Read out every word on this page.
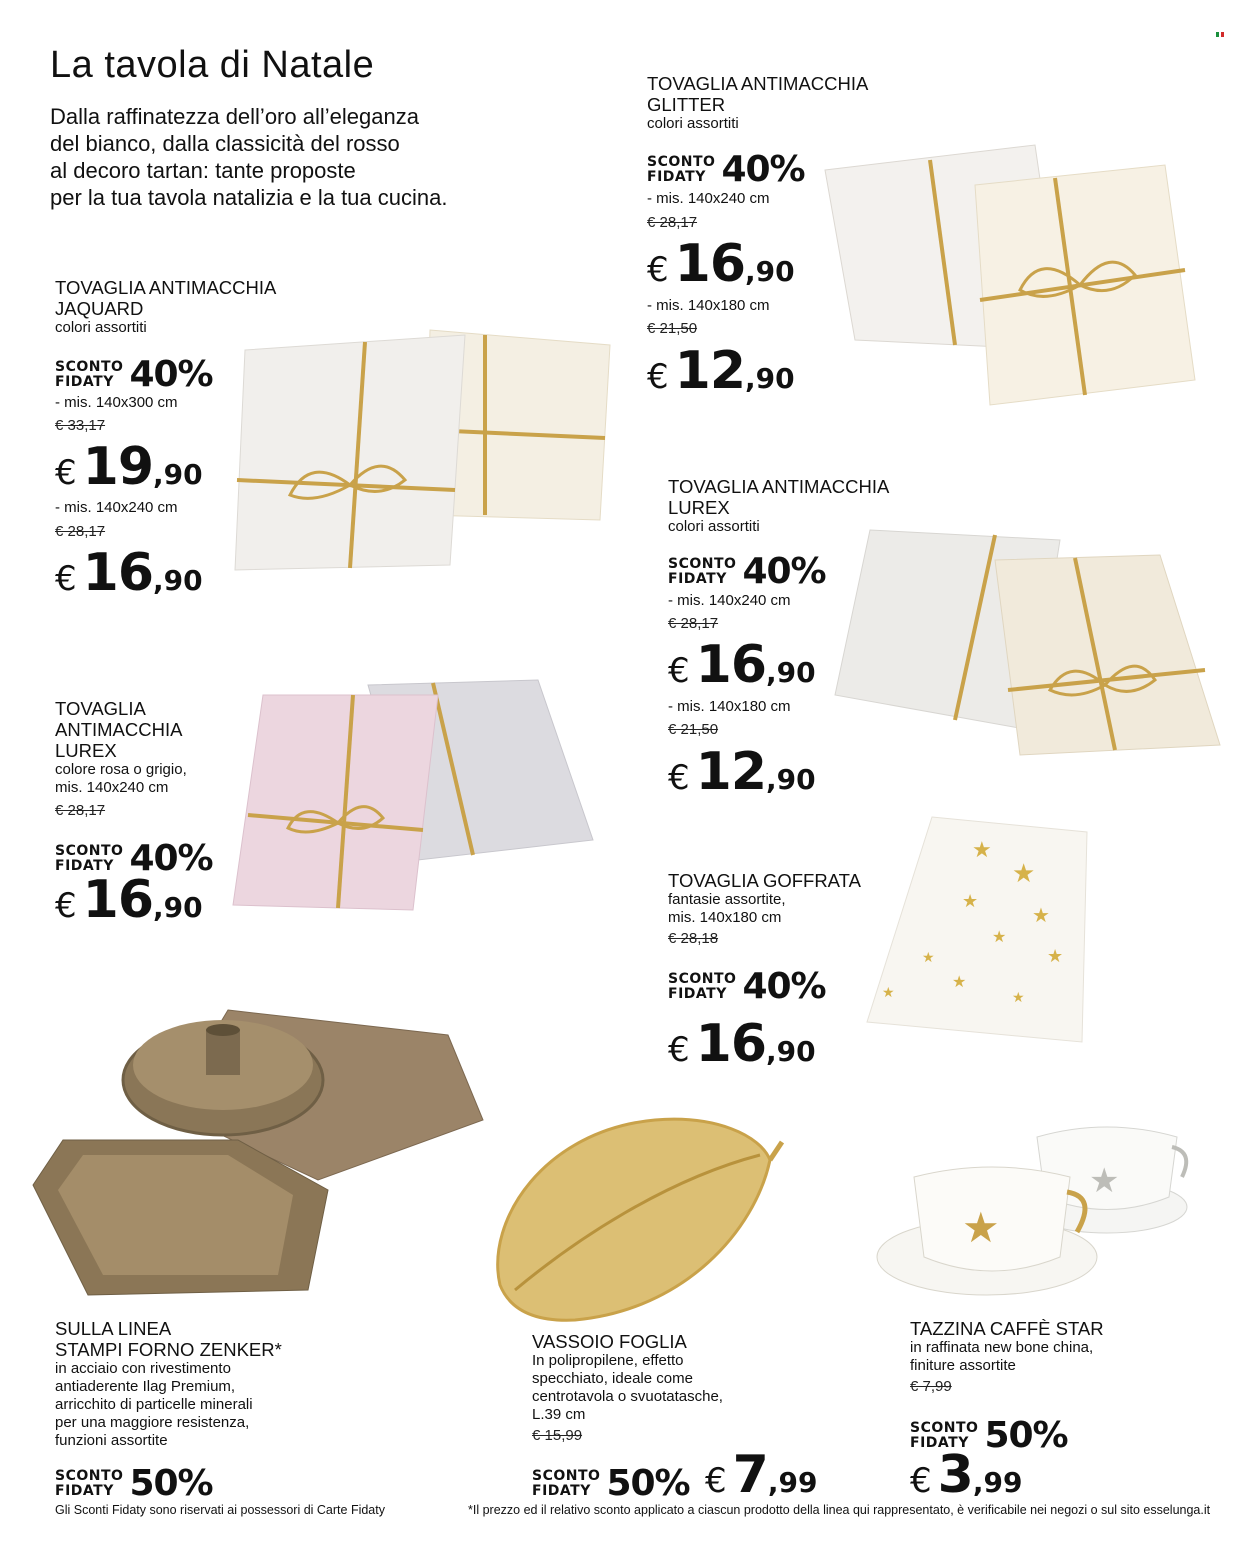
La tavola di Natale
Dalla raffinatezza dell’oro all’eleganza
del bianco, dalla classicità del rosso
al decoro tartan: tante proposte
per la tua tavola natalizia e la tua cucina.
TOVAGLIA ANTIMACCHIA
JAQUARD
colori assortiti
SCONTO
FIDATY 40%
- mis. 140x300 cm
€ 33,17
€ 19 ,90
- mis. 140x240 cm
€ 28,17
€ 16 ,90
TOVAGLIA ANTIMACCHIA
GLITTER
colori assortiti
SCONTO
FIDATY 40%
- mis. 140x240 cm
€ 28,17
€ 16 ,90
- mis. 140x180 cm
€ 21,50
€ 12 ,90
TOVAGLIA ANTIMACCHIA
LUREX
colori assortiti
SCONTO
FIDATY 40%
- mis. 140x240 cm
€ 28,17
€ 16 ,90
- mis. 140x180 cm
€ 21,50
€ 12 ,90
TOVAGLIA
ANTIMACCHIA
LUREX
colore rosa o grigio,
mis. 140x240 cm
€ 28,17
SCONTO
FIDATY 40%
€ 16 ,90
TOVAGLIA GOFFRATA
fantasie assortite,
mis. 140x180 cm
€ 28,18
SCONTO
FIDATY 40%
€ 16 ,90
★
★
★
★
★
★
★
★
★	★
SULLA LINEA
STAMPI FORNO ZENKER*
in acciaio con rivestimento
antiaderente Ilag Premium,
arricchito di particelle minerali
per una maggiore resistenza,
funzioni assortite
SCONTO
FIDATY 50%
VASSOIO FOGLIA
In polipropilene, effetto
specchiato, ideale come
centrotavola o svuotatasche,
L.39 cm
€ 15,99
SCONTO
FIDATY 50% € 7 ,99
★
★
TAZZINA CAFFÈ STAR
in raffinata new bone china,
finiture assortite
€ 7,99
SCONTO
FIDATY 50%
€ 3 ,99
Gli Sconti Fidaty sono riservati ai possessori di Carte Fidaty	*Il prezzo ed il relativo sconto applicato a ciascun prodotto della linea qui rappresentato, è verificabile nei negozi o sul sito esselunga.it
